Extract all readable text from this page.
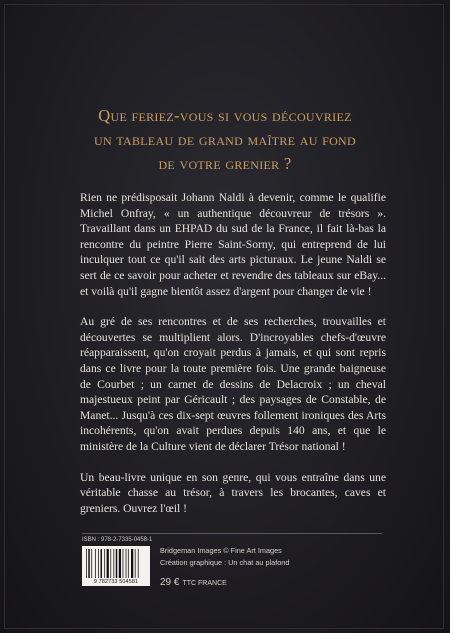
Que feriez-vous si vous découvriez
un tableau de grand maître au fond
de votre grenier ?

Rien ne prédisposait Johann Naldi à devenir, comme le qualifie Michel Onfray, « un authentique découvreur de trésors ». Travaillant dans un EHPAD du sud de la France, il fait là-bas la rencontre du peintre Pierre Saint-Sorny, qui entreprend de lui inculquer tout ce qu'il sait des arts picturaux. Le jeune Naldi se sert de ce savoir pour acheter et revendre des tableaux sur eBay... et voilà qu'il gagne bientôt assez d'argent pour changer de vie !

Au gré de ses rencontres et de ses recherches, trouvailles et découvertes se multiplient alors. D'incroyables chefs-d'œuvre réapparaissent, qu'on croyait perdus à jamais, et qui sont repris dans ce livre pour la toute première fois. Une grande baigneuse de Courbet ; un carnet de dessins de Delacroix ; un cheval majestueux peint par Géricault ; des paysages de Constable, de Manet... Jusqu'à ces dix-sept œuvres follement ironiques des Arts incohérents, qu'on avait perdues depuis 140 ans, et que le ministère de la Culture vient de déclarer Trésor national !

Un beau-livre unique en son genre, qui vous entraîne dans une véritable chasse au trésor, à travers les brocantes, caves et greniers. Ouvrez l'œil !

ISBN : 978-2-7335-0458-1
9 782733 504581
Bridgeman Images © Fine Art Images
Création graphique : Un chat au plafond
29 € TTC FRANCE
